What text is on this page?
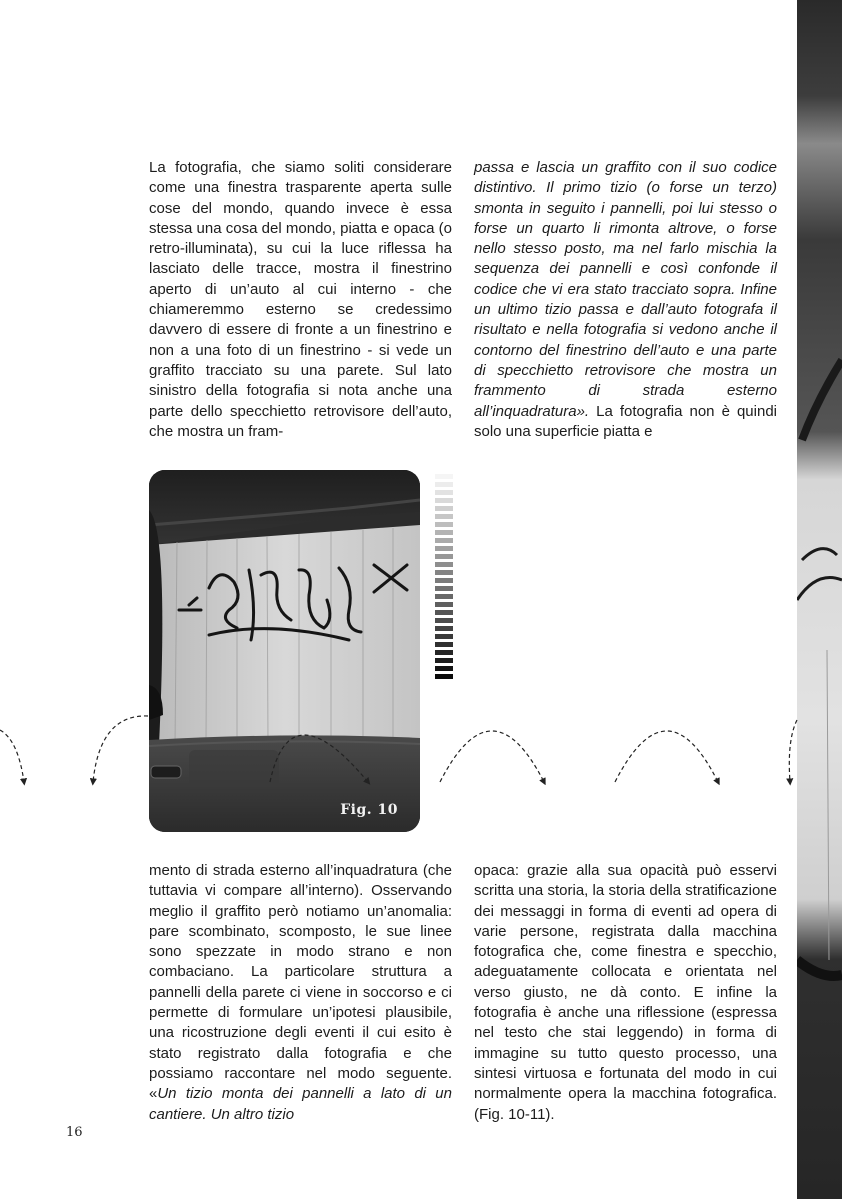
La fotografia, che siamo soliti considerare come una finestra trasparente aperta sulle cose del mondo, quando invece è essa stessa una cosa del mondo, piatta e opaca (o retro-illuminata), su cui la luce riflessa ha lasciato delle tracce, mostra il finestrino aperto di un’auto al cui interno - che chiameremmo esterno se credessimo davvero di essere di fronte a un finestrino e non a una foto di un finestrino - si vede un graffito tracciato su una parete. Sul lato sinistro della fotografia si nota anche una parte dello specchietto retrovisore dell’auto, che mostra un fram-

passa e lascia un graffito con il suo codice distintivo. Il primo tizio (o forse un terzo) smonta in seguito i pannelli, poi lui stesso o forse un quarto li rimonta altrove, o forse nello stesso posto, ma nel farlo mischia la sequenza dei pannelli e così confonde il codice che vi era stato tracciato sopra. Infine un ultimo tizio passa e dall’auto fotografa il risultato e nella fotografia si vedono anche il contorno del finestrino dell’auto e una parte di specchietto retrovisore che mostra un frammento di strada esterno all’inquadratura». La fotografia non è quindi solo una superficie piatta e

mento di strada esterno all’inquadratura (che tuttavia vi compare all’interno). Osservando meglio il graffito però notiamo un’anomalia: pare scombinato, scomposto, le sue linee sono spezzate in modo strano e non combaciano. La particolare struttura a pannelli della parete ci viene in soccorso e ci permette di formulare un’ipotesi plausibile, una ricostruzione degli eventi il cui esito è stato registrato dalla fotografia e che possiamo raccontare nel modo seguente. «Un tizio monta dei pannelli a lato di un cantiere. Un altro tizio

opaca: grazie alla sua opacità può esservi scritta una storia, la storia della stratificazione dei messaggi in forma di eventi ad opera di varie persone, registrata dalla macchina fotografica che, come finestra e specchio, adeguatamente collocata e orientata nel verso giusto, ne dà conto. E infine la fotografia è anche una riflessione (espressa nel testo che stai leggendo) in forma di immagine su tutto questo processo, una sintesi virtuosa e fortunata del modo in cui normalmente opera la macchina fotografica. (Fig. 10-11).

Fig. 10
16
